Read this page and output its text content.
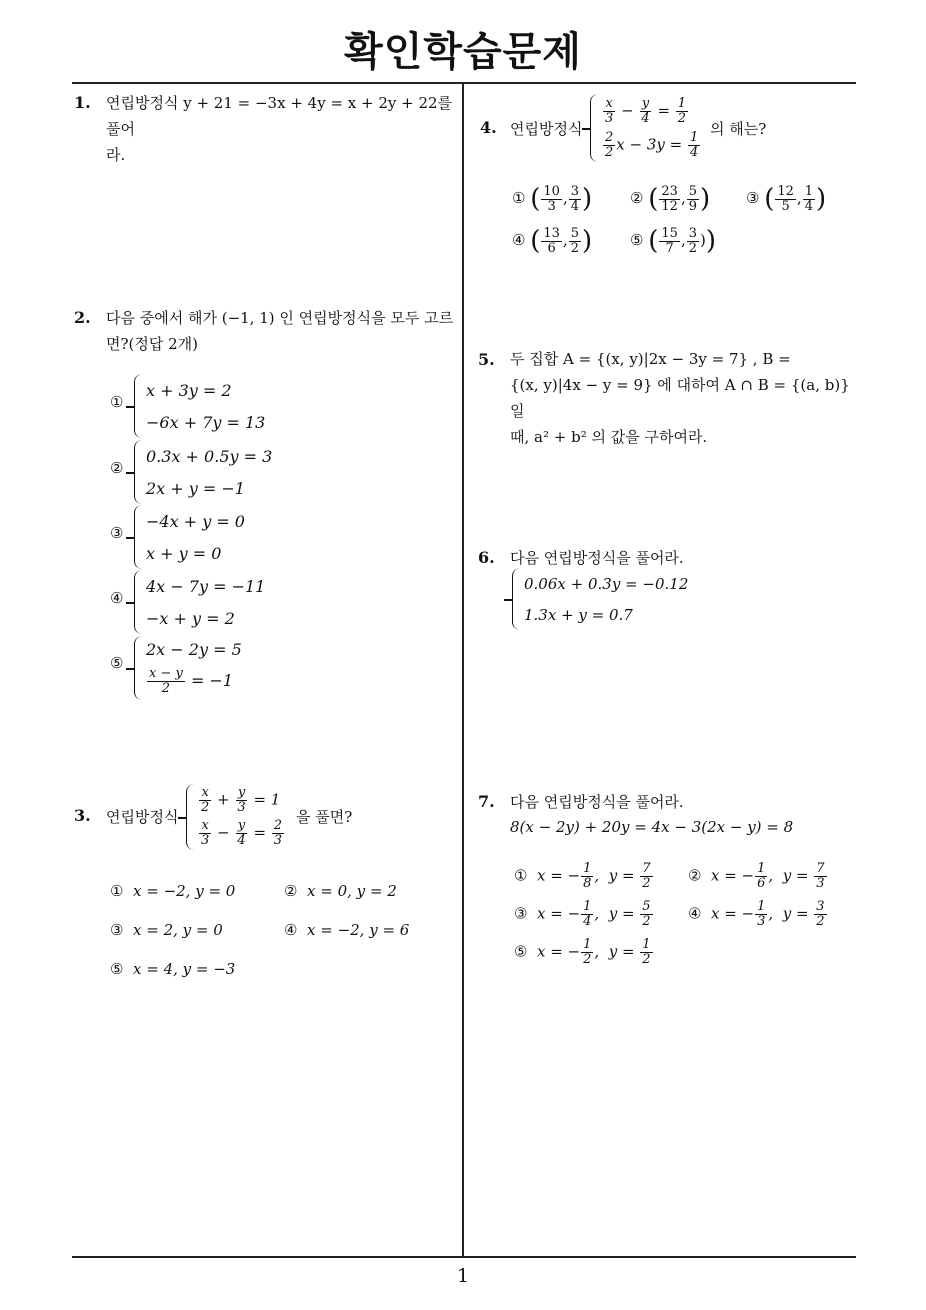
확인학습문제
1
1. 연립방정식 y + 21 = −3x + 4y = x + 2y + 22를 풀어
라.
2. 다음 중에서 해가 (−1, 1) 인 연립방정식을 모두 고르
면?(정답 2개)
①
x + 3y = 2
−6x + 7y = 13
②
0.3x + 0.5y = 3
2x + y = −1
③
−4x + y = 0
x + y = 0
④
4x − 7y = −11
−x + y = 2
⑤
2x − 2y = 5
$\frac{x - y}{2} = -1$
3. 연립방정식
$\frac{x}{2} + \frac{y}{3} = 1$
$\frac{x}{3} - \frac{y}{4} = \frac{2}{3}$
을 풀면?
① x = −2, y = 0	② x = 0, y = 2
③ x = 2, y = 0	④ x = −2, y = 6
⑤ x = 4, y = −3
4. 연립방정식
$\frac{x}{3} - \frac{y}{4} = \frac{1}{2}$
$\frac{2}{2}$ $x - 3y = \frac{1}{4}$
의 해는?
① ( $\frac{10}{3}$ , $\frac{3}{4}$ )	② ( $\frac{23}{12}$ , $\frac{5}{9}$ ) ③ ( $\frac{12}{5}$ , $\frac{1}{4}$ )
④ ( $\frac{13}{6}$ , $\frac{5}{2}$ )	⑤ ( $\frac{15}{7}$ , $\frac{3}{2}$ ))
5. 두 집합 A = {(x, y)|2x − 3y = 7} , B =
{(x, y)|4x − y = 9} 에 대하여 A ∩ B = {(a, b)} 일
때, a² + b² 의 값을 구하여라.
6. 다음 연립방정식을 풀어라.
0.06x + 0.3y = −0.12
1.3x + y = 0.7
7. 다음 연립방정식을 풀어라.
8(x − 2y) + 20y = 4x − 3(2x − y) = 8
①  x = − $\frac{1}{8}$ ,  $y = \frac{7}{2}$ ②  x = − $\frac{1}{6}$ ,  $y = \frac{7}{3}$
③  x = − $\frac{1}{4}$ ,  $y = \frac{5}{2}$ ④  x = − $\frac{1}{3}$ ,  $y = \frac{3}{2}$
⑤  x = − $\frac{1}{2}$ ,  $y = \frac{1}{2}$
